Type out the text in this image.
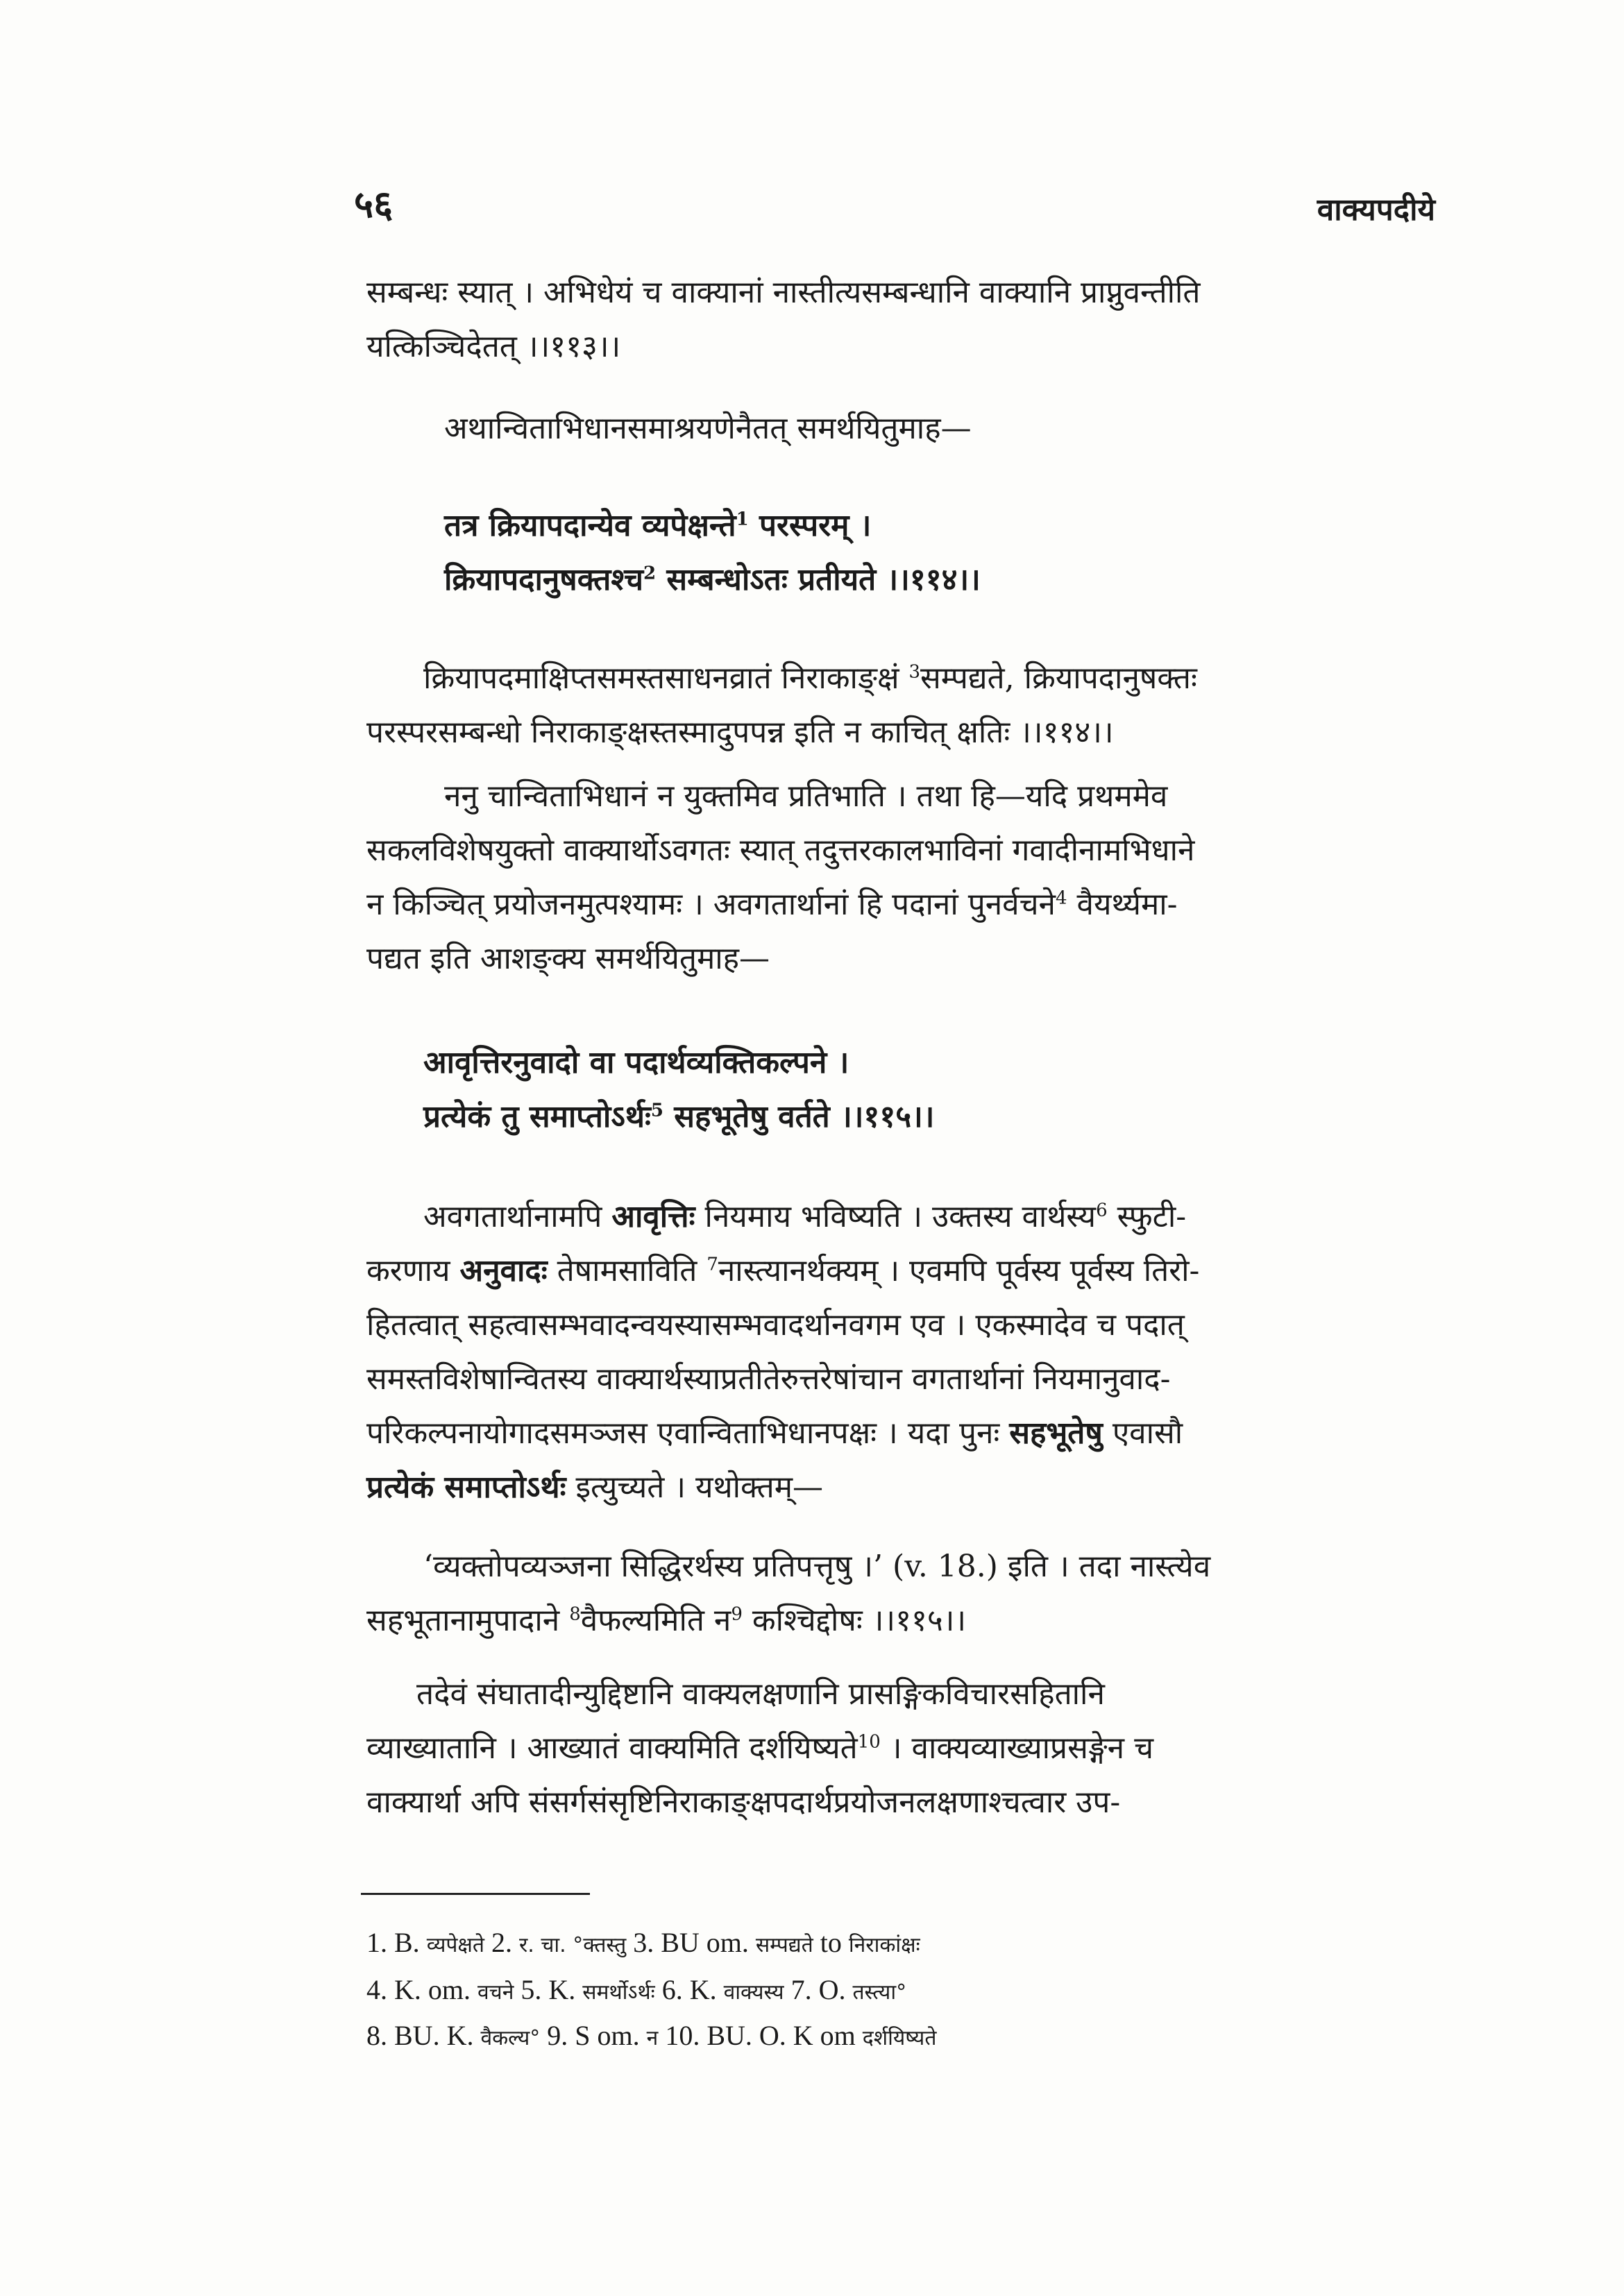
५६	वाक्यपदीये
सम्बन्धः स्यात् । अभिधेयं च वाक्यानां नास्तीत्यसम्बन्धानि वाक्यानि प्राप्नुवन्तीति
यत्किञ्चिदेतत् ।।११३।।
अथान्विताभिधानसमाश्रयणेनैतत् समर्थयितुमाह—
तत्र क्रियापदान्येव व्यपेक्षन्ते$^1$ परस्परम् ।
क्रियापदानुषक्तश्च$^2$ सम्बन्धोऽतः प्रतीयते ।।११४।।
क्रियापदमाक्षिप्तसमस्तसाधनव्रातं निराकाङ्क्षं $^3$सम्पद्यते, क्रियापदानुषक्तः
परस्परसम्बन्धो निराकाङ्क्षस्तस्मादुपपन्न इति न काचित् क्षतिः ।।११४।।
ननु चान्विताभिधानं न युक्तमिव प्रतिभाति । तथा हि—यदि प्रथममेव
सकलविशेषयुक्तो वाक्यार्थोऽवगतः स्यात् तदुत्तरकालभाविनां गवादीनामभिधाने
न किञ्चित् प्रयोजनमुत्पश्यामः । अवगतार्थानां हि पदानां पुनर्वचने$^4$ वैयर्थ्यमा-
पद्यत इति आशङ्क्य समर्थयितुमाह—
आवृत्तिरनुवादो वा पदार्थव्यक्तिकल्पने ।
प्रत्येकं तु समाप्तोऽर्थः$^5$ सहभूतेषु वर्तते ।।११५।।
अवगतार्थानामपि आवृत्तिः नियमाय भविष्यति । उक्तस्य वार्थस्य$^6$ स्फुटी-
करणाय अनुवादः तेषामसाविति $^7$नास्त्यानर्थक्यम् । एवमपि पूर्वस्य पूर्वस्य तिरो-
हितत्वात् सहत्वासम्भवादन्वयस्यासम्भवादर्थानवगम एव । एकस्मादेव च पदात्
समस्तविशेषान्वितस्य वाक्यार्थस्याप्रतीतेरुत्तरेषांचान वगतार्थानां नियमानुवाद-
परिकल्पनायोगादसमञ्जस एवान्विताभिधानपक्षः । यदा पुनः सहभूतेषु एवासौ
प्रत्येकं समाप्तोऽर्थः इत्युच्यते । यथोक्तम्—
‘व्यक्तोपव्यञ्जना सिद्धिरर्थस्य प्रतिपत्तृषु ।’ (v. 18.) इति । तदा नास्त्येव
सहभूतानामुपादाने $^8$वैफल्यमिति न$^9$ कश्चिद्दोषः ।।११५।।
तदेवं संघातादीन्युद्दिष्टानि वाक्यलक्षणानि प्रासङ्गिकविचारसहितानि
व्याख्यातानि । आख्यातं वाक्यमिति दर्शयिष्यते$^{10}$ । वाक्यव्याख्याप्रसङ्गेन च
वाक्यार्था अपि संसर्गसंसृष्टिनिराकाङ्क्षपदार्थप्रयोजनलक्षणाश्चत्वार उप-
1. B. व्यपेक्षते 2. र. चा. °क्तस्तु 3. BU om. सम्पद्यते to निराकांक्षः
4. K. om. वचने 5. K. समर्थोऽर्थः 6. K. वाक्यस्य 7. O. तस्त्या°
8. BU. K. वैकल्य° 9. S om. न 10. BU. O. K om दर्शयिष्यते
